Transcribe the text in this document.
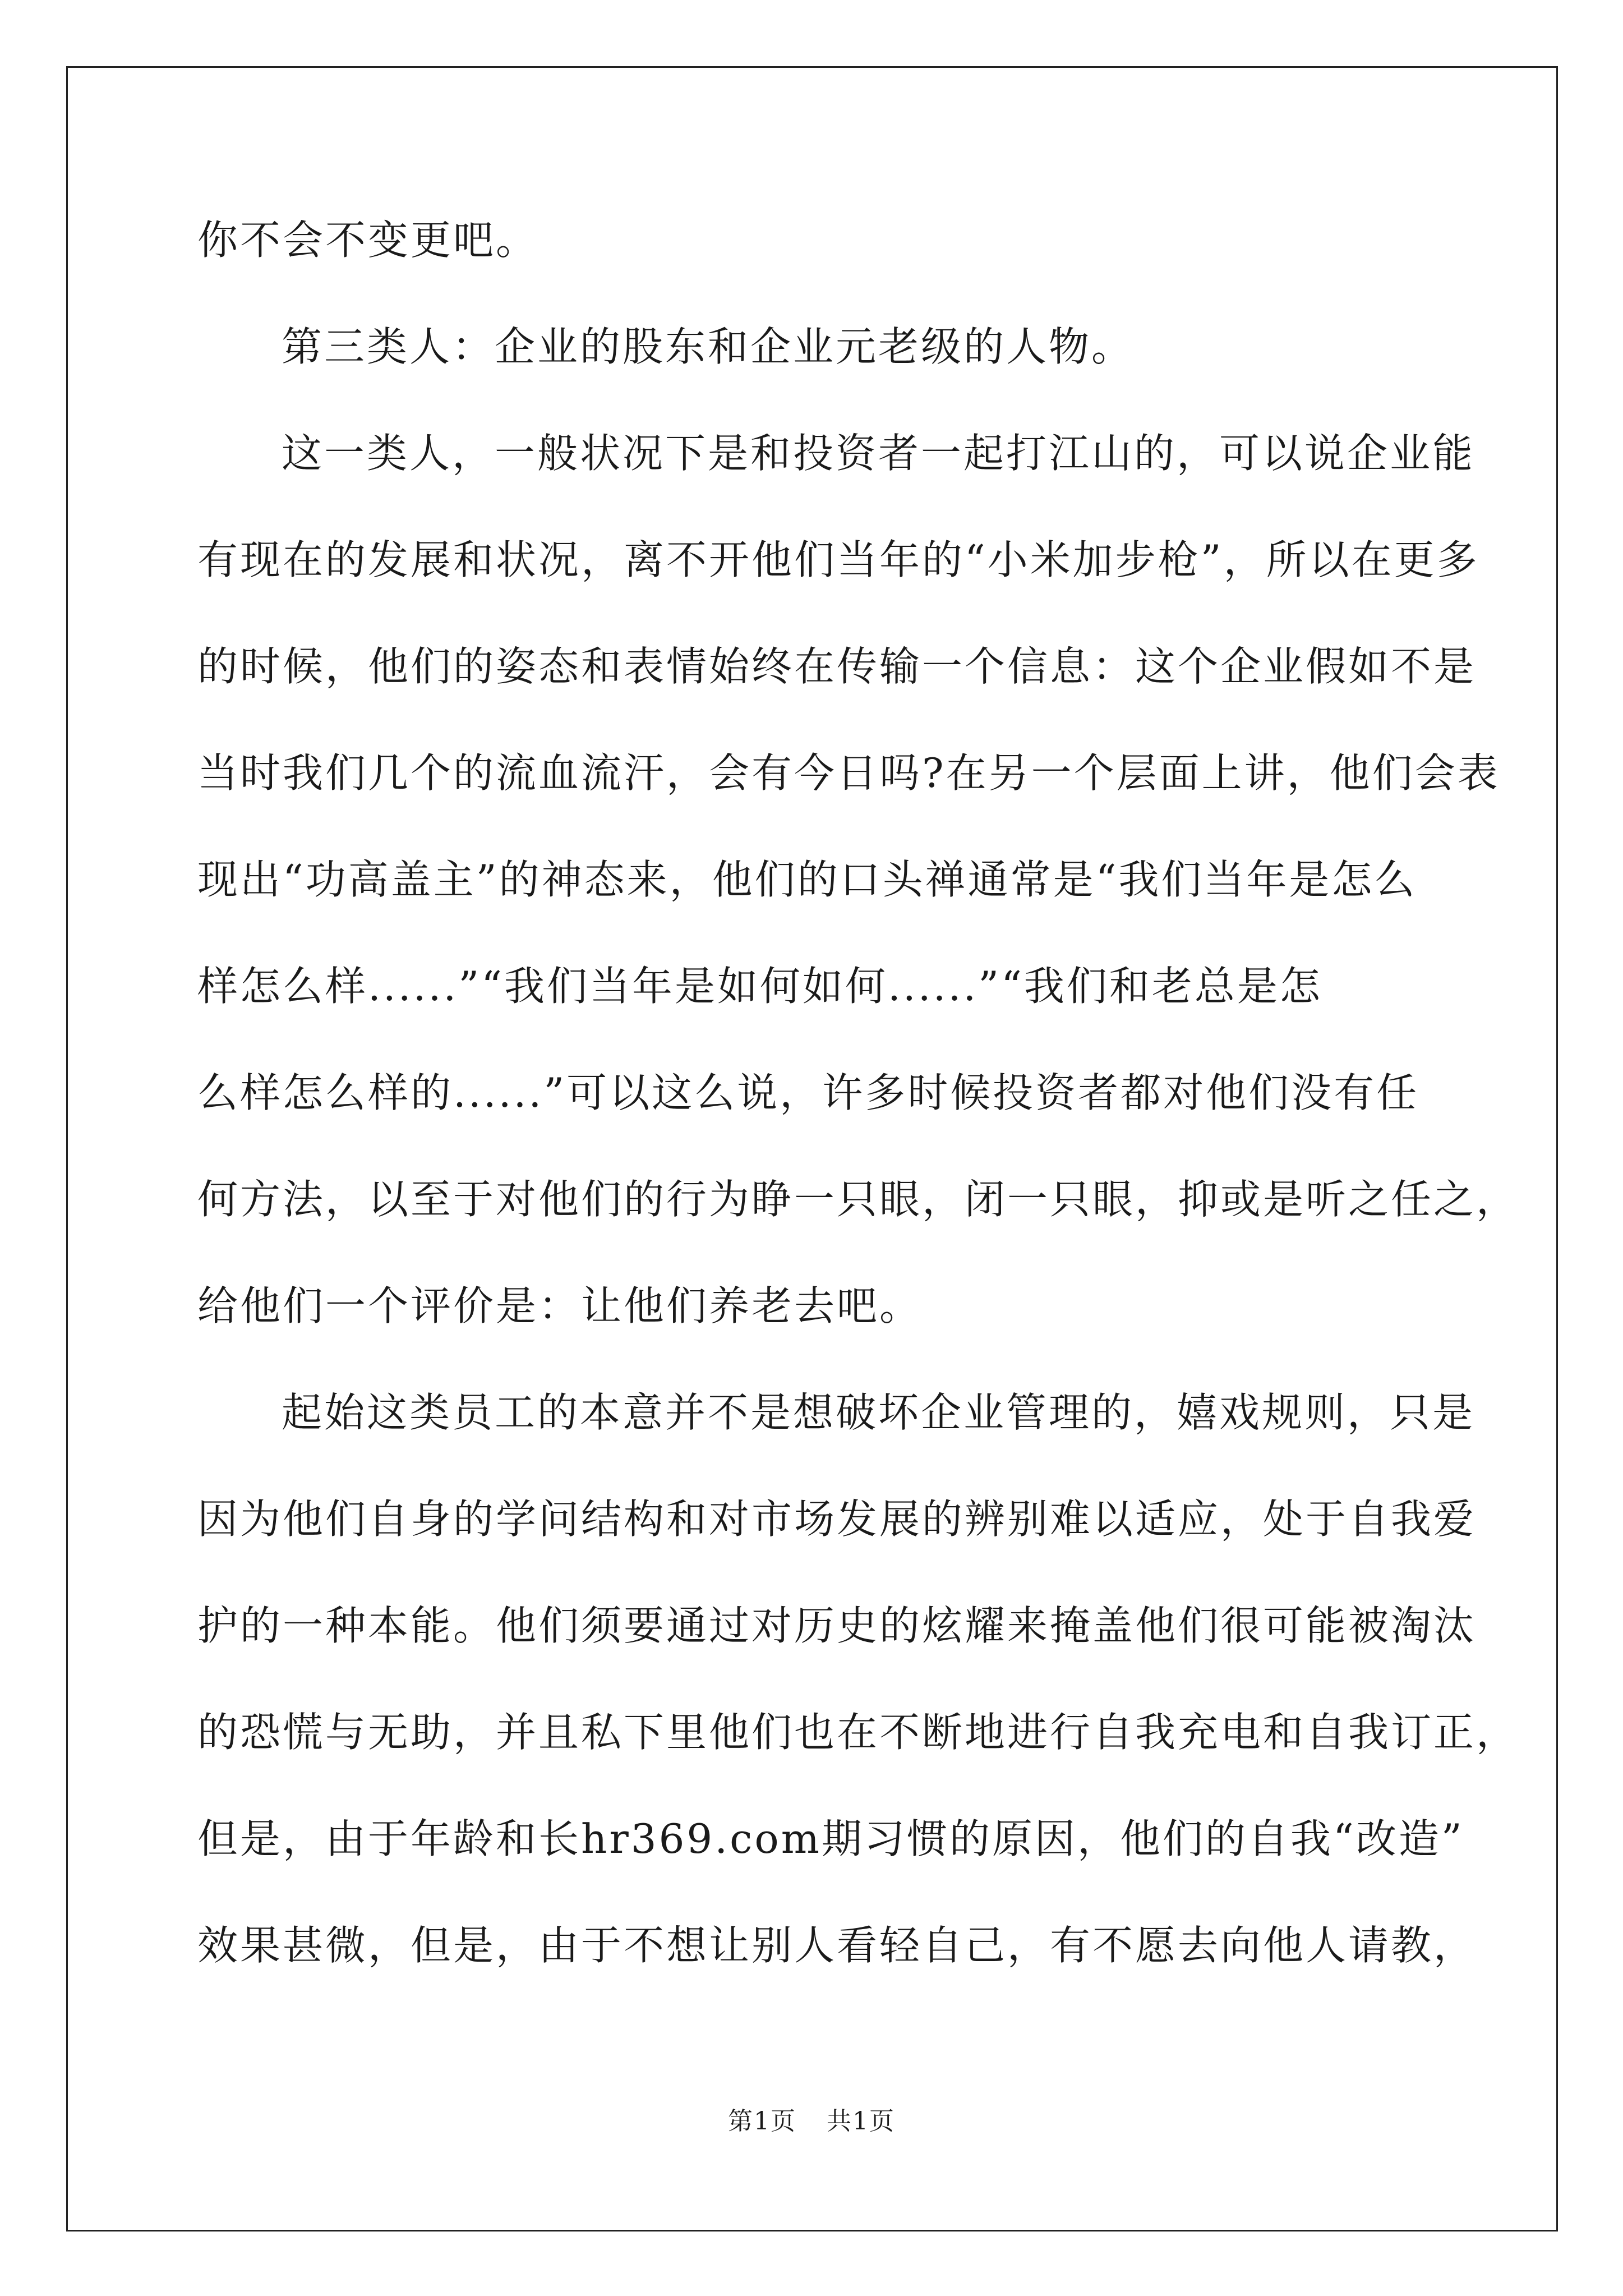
你不会不变更吧。
第三类人：企业的股东和企业元老级的人物。
这一类人，一般状况下是和投资者一起打江山的，可以说企业能
有现在的发展和状况，离不开他们当年的“小米加步枪”，所以在更多
的时候，他们的姿态和表情始终在传输一个信息：这个企业假如不是
当时我们几个的流血流汗，会有今日吗?在另一个层面上讲，他们会表
现出“功高盖主”的神态来，他们的口头禅通常是“我们当年是怎么
样怎么样......”“我们当年是如何如何......”“我们和老总是怎
么样怎么样的......”可以这么说，许多时候投资者都对他们没有任
何方法，以至于对他们的行为睁一只眼，闭一只眼，抑或是听之任之，
给他们一个评价是：让他们养老去吧。
起始这类员工的本意并不是想破坏企业管理的，嬉戏规则，只是
因为他们自身的学问结构和对市场发展的辨别难以适应，处于自我爱
护的一种本能。他们须要通过对历史的炫耀来掩盖他们很可能被淘汰
的恐慌与无助，并且私下里他们也在不断地进行自我充电和自我订正，
但是，由于年龄和长hr369.com期习惯的原因，他们的自我“改造”
效果甚微，但是，由于不想让别人看轻自己，有不愿去向他人请教，
第1页 共1页
